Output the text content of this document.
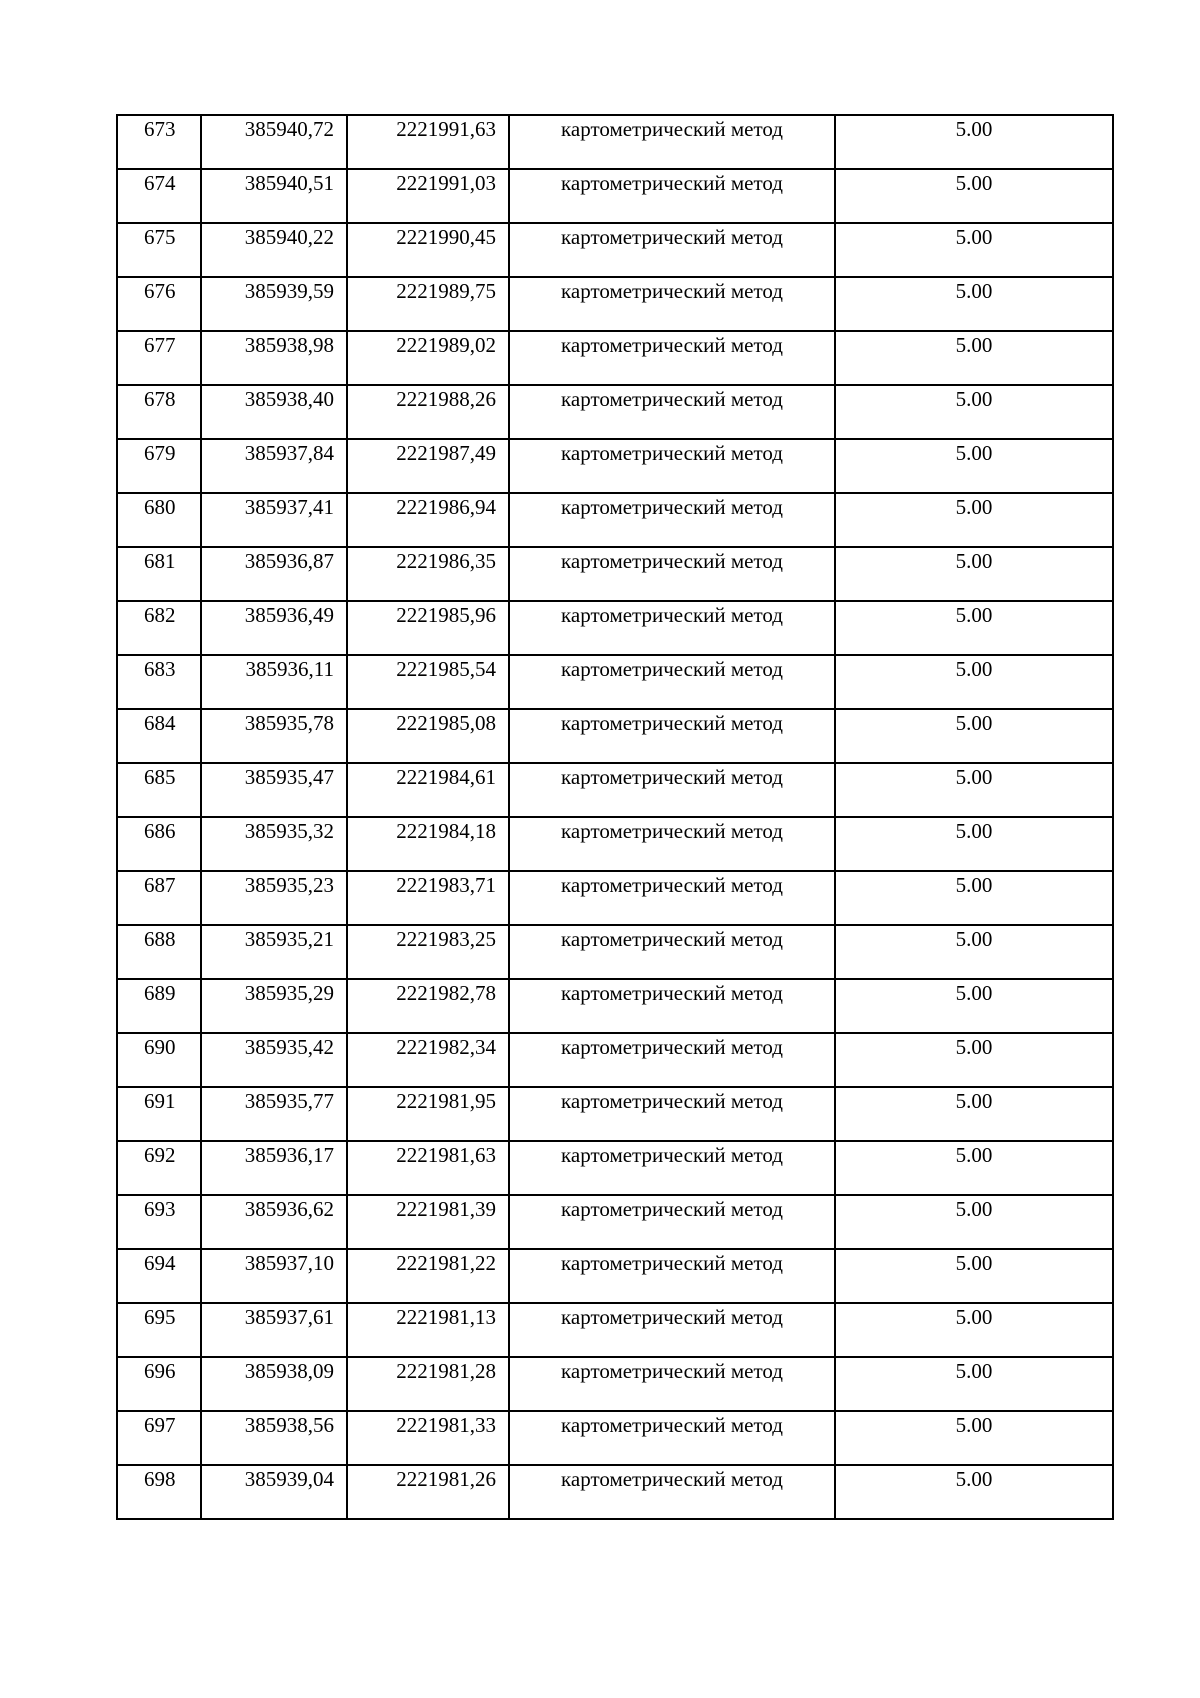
673	385940,72	2221991,63	картометрический метод	5.00
674	385940,51	2221991,03	картометрический метод	5.00
675	385940,22	2221990,45	картометрический метод	5.00
676	385939,59	2221989,75	картометрический метод	5.00
677	385938,98	2221989,02	картометрический метод	5.00
678	385938,40	2221988,26	картометрический метод	5.00
679	385937,84	2221987,49	картометрический метод	5.00
680	385937,41	2221986,94	картометрический метод	5.00
681	385936,87	2221986,35	картометрический метод	5.00
682	385936,49	2221985,96	картометрический метод	5.00
683	385936,11	2221985,54	картометрический метод	5.00
684	385935,78	2221985,08	картометрический метод	5.00
685	385935,47	2221984,61	картометрический метод	5.00
686	385935,32	2221984,18	картометрический метод	5.00
687	385935,23	2221983,71	картометрический метод	5.00
688	385935,21	2221983,25	картометрический метод	5.00
689	385935,29	2221982,78	картометрический метод	5.00
690	385935,42	2221982,34	картометрический метод	5.00
691	385935,77	2221981,95	картометрический метод	5.00
692	385936,17	2221981,63	картометрический метод	5.00
693	385936,62	2221981,39	картометрический метод	5.00
694	385937,10	2221981,22	картометрический метод	5.00
695	385937,61	2221981,13	картометрический метод	5.00
696	385938,09	2221981,28	картометрический метод	5.00
697	385938,56	2221981,33	картометрический метод	5.00
698	385939,04	2221981,26	картометрический метод	5.00
